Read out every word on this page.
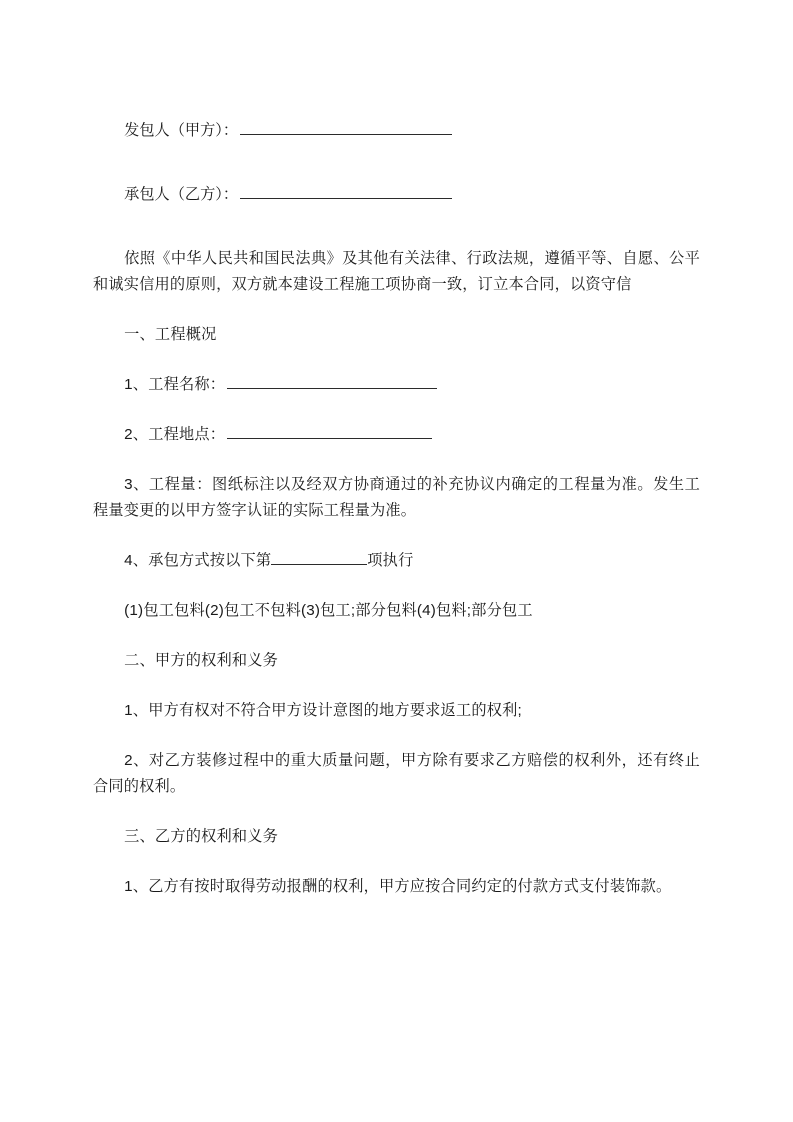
发包人（甲方）：
承包人（乙方）：

依照《中华人民共和国民法典》及其他有关法律、行政法规，遵循平等、自愿、公平和诚实信用的原则，双方就本建设工程施工项协商一致，订立本合同，以资守信

一、工程概况

1、工程名称：

2、工程地点：

3、工程量：图纸标注以及经双方协商通过的补充协议内确定的工程量为准。发生工程量变更的以甲方签字认证的实际工程量为准。

4、承包方式按以下第	项执行

(1)包工包料(2)包工不包料(3)包工;部分包料(4)包料;部分包工

二、甲方的权利和义务

1、甲方有权对不符合甲方设计意图的地方要求返工的权利;

2、对乙方装修过程中的重大质量问题，甲方除有要求乙方赔偿的权利外，还有终止合同的权利。

三、乙方的权利和义务

1、乙方有按时取得劳动报酬的权利，甲方应按合同约定的付款方式支付装饰款。
